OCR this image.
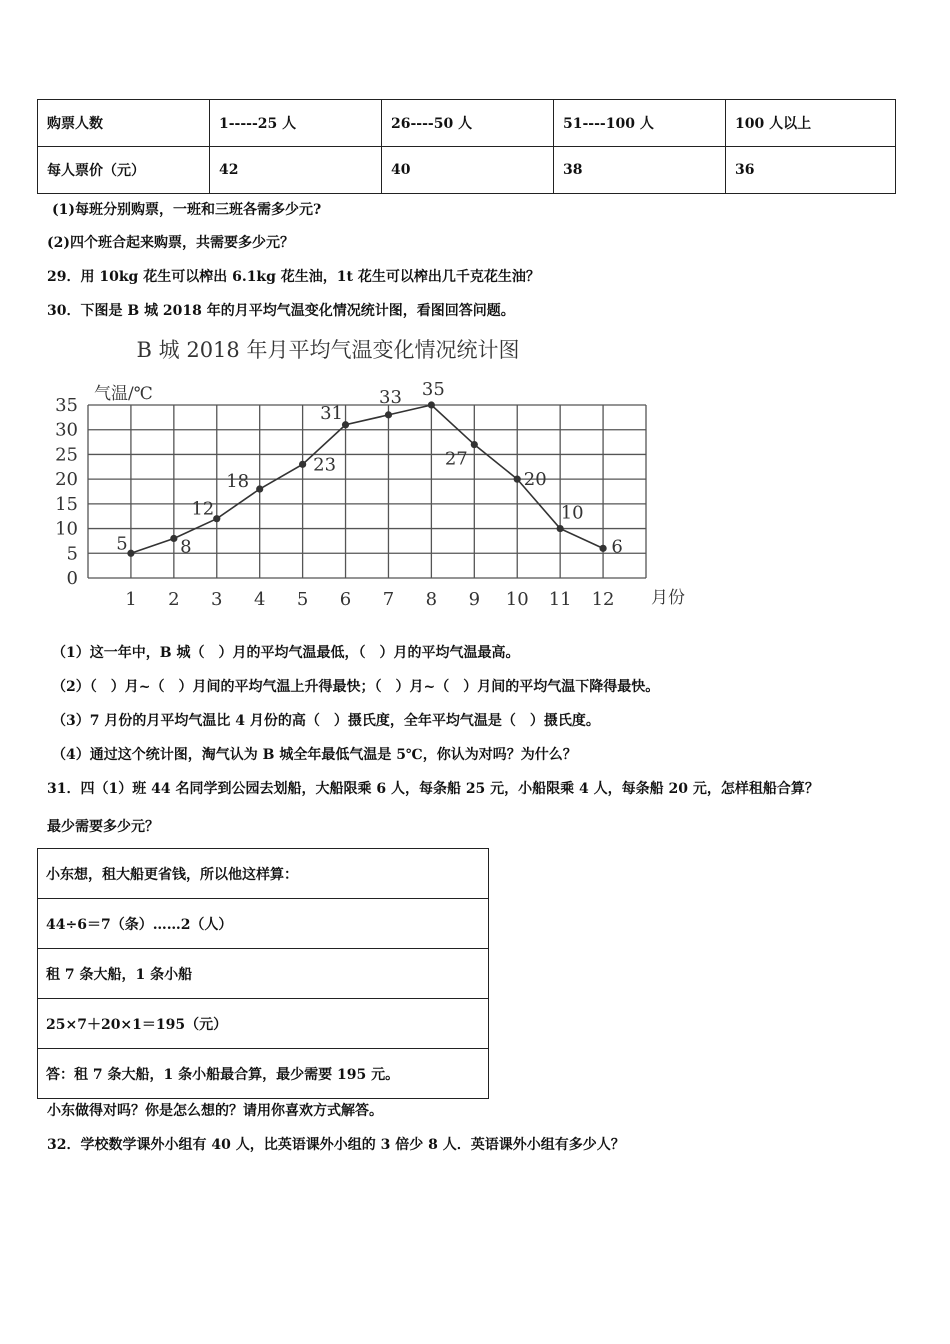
购票人数	1-----25 人	26----50 人	51----100 人	100 人以上
每人票价（元）	42	40	38	36
(1)每班分别购票，一班和三班各需多少元?
(2)四个班合起来购票，共需要多少元？
29．用 10kg 花生可以榨出 6.1kg 花生油，1t 花生可以榨出几千克花生油？
30．下图是 B 城 2018 年的月平均气温变化情况统计图，看图回答问题。
B 城 2018 年月平均气温变化情况统计图
气温/℃
月份
0
5
10
15
20
25
30
35
1 2 3 4 5 6 7 8 9 10 11 12
5	8
12
18
23
31
33 35
27
20
10
6
（1）这一年中，B 城（　）月的平均气温最低，（　）月的平均气温最高。
（2）（　）月~（　）月间的平均气温上升得最快；（　）月~（　）月间的平均气温下降得最快。
（3）7 月份的月平均气温比 4 月份的高（　）摄氏度，全年平均气温是（　）摄氏度。
（4）通过这个统计图，淘气认为 B 城全年最低气温是 5℃，你认为对吗？为什么？
31．四（1）班 44 名同学到公园去划船，大船限乘 6 人，每条船 25 元，小船限乘 4 人，每条船 20 元，怎样租船合算？
最少需要多少元？
小东想，租大船更省钱，所以他这样算：
44÷6＝7（条）……2（人）
租 7 条大船，1 条小船
25×7＋20×1＝195（元）
答：租 7 条大船，1 条小船最合算，最少需要 195 元。
小东做得对吗？你是怎么想的？请用你喜欢方式解答。
32．学校数学课外小组有 40 人，比英语课外小组的 3 倍少 8 人．英语课外小组有多少人？
